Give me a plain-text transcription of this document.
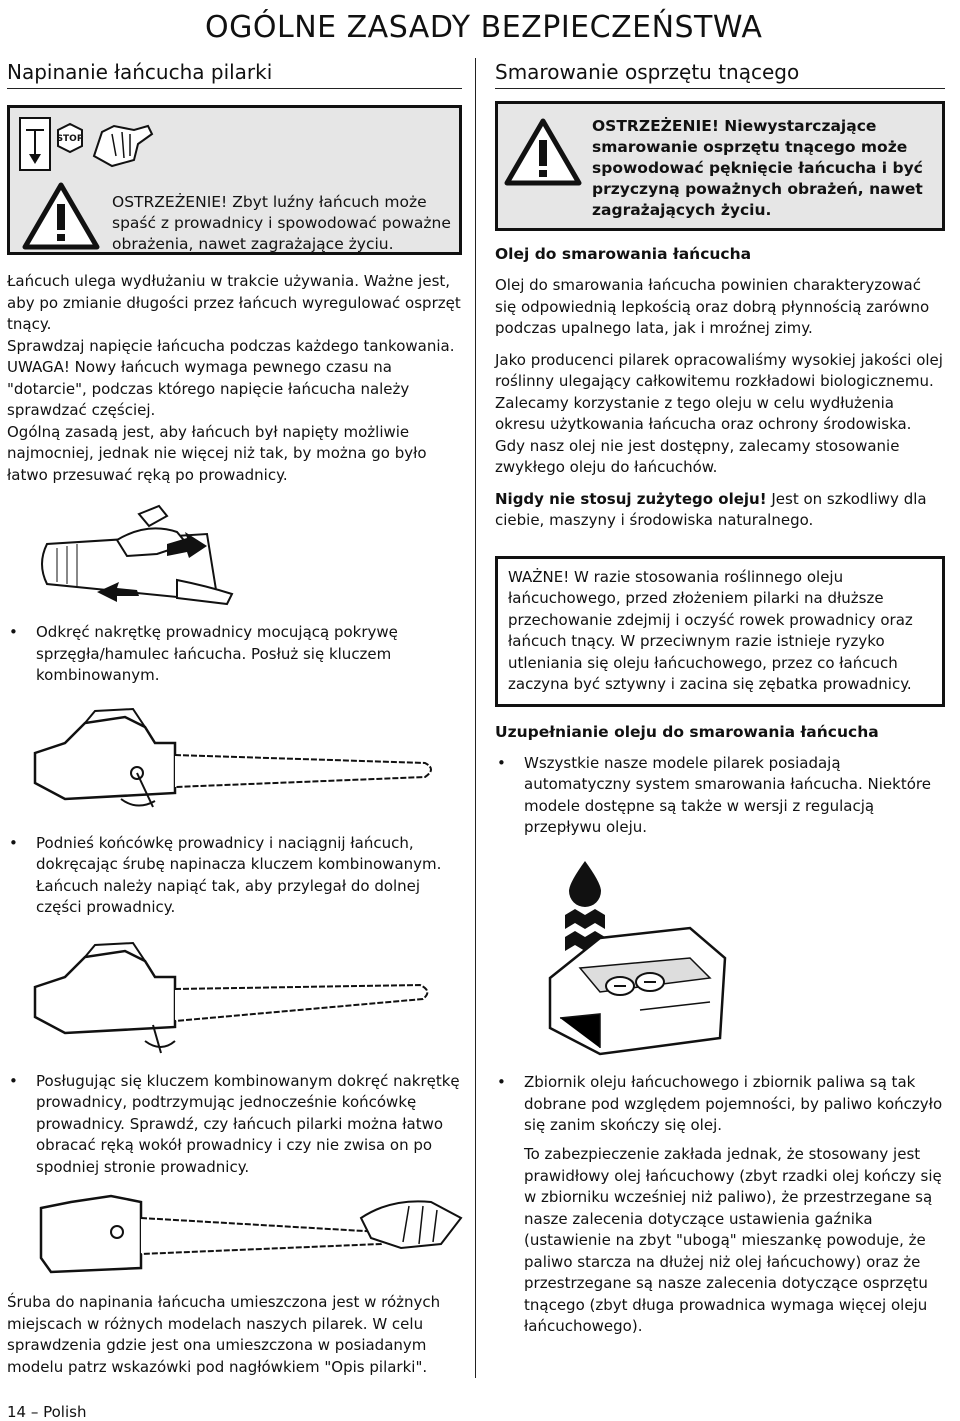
OGÓLNE ZASADY BEZPIECZEŃSTWA
Napinanie łańcucha pilarki
STOP

OSTRZEŻENIE! Zbyt luźny łańcuch może spaść z prowadnicy i spowodować poważne obrażenia, nawet zagrażające życiu.

Łańcuch ulega wydłużaniu w trakcie używania. Ważne jest, aby po zmianie długości przez łańcuch wyregulować osprzęt tnący.

Sprawdzaj napięcie łańcucha podczas każdego tankowania. UWAGA! Nowy łańcuch wymaga pewnego czasu na "dotarcie", podczas którego napięcie łańcucha należy sprawdzać częściej.

Ogólną zasadą jest, aby łańcuch był napięty możliwie najmocniej, jednak nie więcej niż tak, by można go było łatwo przesuwać ręką po prowadnicy.

• Odkręć nakrętkę prowadnicy mocującą pokrywę sprzęgła/hamulec łańcucha. Posłuż się kluczem kombinowanym.

• Podnieś końcówkę prowadnicy i naciągnij łańcuch, dokręcając śrubę napinacza kluczem kombinowanym. Łańcuch należy napiąć tak, aby przylegał do dolnej części prowadnicy.

• Posługując się kluczem kombinowanym dokręć nakrętkę prowadnicy, podtrzymując jednocześnie końcówkę prowadnicy. Sprawdź, czy łańcuch pilarki można łatwo obracać ręką wokół prowadnicy i czy nie zwisa on po spodniej stronie prowadnicy.

Śruba do napinania łańcucha umieszczona jest w różnych miejscach w różnych modelach naszych pilarek. W celu sprawdzenia gdzie jest ona umieszczona w posiadanym modelu patrz wskazówki pod nagłówkiem "Opis pilarki".

Smarowanie osprzętu tnącego

OSTRZEŻENIE! Niewystarczające smarowanie osprzętu tnącego może spowodować pęknięcie łańcucha i być przyczyną poważnych obrażeń, nawet zagrażających życiu.

Olej do smarowania łańcucha

Olej do smarowania łańcucha powinien charakteryzować się odpowiednią lepkością oraz dobrą płynnością zarówno podczas upalnego lata, jak i mroźnej zimy.

Jako producenci pilarek opracowaliśmy wysokiej jakości olej roślinny ulegający całkowitemu rozkładowi biologicznemu. Zalecamy korzystanie z tego oleju w celu wydłużenia okresu użytkowania łańcucha oraz ochrony środowiska. Gdy nasz olej nie jest dostępny, zalecamy stosowanie zwykłego oleju do łańcuchów.

Nigdy nie stosuj zużytego oleju! Jest on szkodliwy dla ciebie, maszyny i środowiska naturalnego.

WAŻNE! W razie stosowania roślinnego oleju łańcuchowego, przed złożeniem pilarki na dłuższe przechowanie zdejmij i oczyść rowek prowadnicy oraz łańcuch tnący. W przeciwnym razie istnieje ryzyko utleniania się oleju łańcuchowego, przez co łańcuch zaczyna być sztywny i zacina się zębatka prowadnicy.

Uzupełnianie oleju do smarowania łańcucha

• Wszystkie nasze modele pilarek posiadają automatyczny system smarowania łańcucha. Niektóre modele dostępne są także w wersji z regulacją przepływu oleju.

• Zbiornik oleju łańcuchowego i zbiornik paliwa są tak dobrane pod względem pojemności, by paliwo kończyło się zanim skończy się olej.

To zabezpieczenie zakłada jednak, że stosowany jest prawidłowy olej łańcuchowy (zbyt rzadki olej kończy się w zbiorniku wcześniej niż paliwo), że przestrzegane są nasze zalecenia dotyczące ustawienia gaźnika (ustawienie na zbyt "ubogą" mieszankę powoduje, że paliwo starcza na dłużej niż olej łańcuchowy) oraz że przestrzegane są nasze zalecenia dotyczące osprzętu tnącego (zbyt długa prowadnica wymaga więcej oleju łańcuchowego).

14 – Polish
